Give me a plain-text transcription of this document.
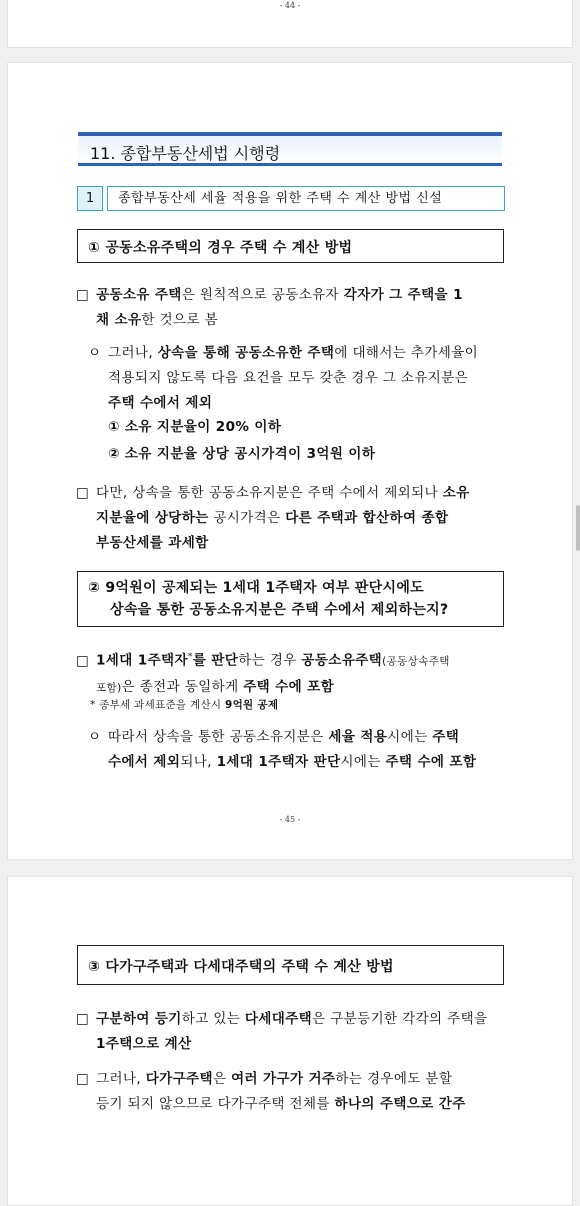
- 44 -
11. 종합부동산세법 시행령
1	종합부동산세 세율 적용을 위한 주택 수 계산 방법 신설
① 공동소유주택의 경우 주택 수 계산 방법
□ 공동소유 주택은 원칙적으로 공동소유자 각자가 그 주택을 1
채 소유한 것으로 봄
ㅇ 그러나, 상속을 통해 공동소유한 주택에 대해서는 추가세율이
적용되지 않도록 다음 요건을 모두 갖춘 경우 그 소유지분은
주택 수에서 제외
① 소유 지분율이 20% 이하
② 소유 지분율 상당 공시가격이 3억원 이하
□ 다만, 상속을 통한 공동소유지분은 주택 수에서 제외되나 소유
지분율에 상당하는 공시가격은 다른 주택과 합산하여 종합
부동산세를 과세함
② 9억원이 공제되는 1세대 1주택자 여부 판단시에도
상속을 통한 공동소유지분은 주택 수에서 제외하는지?
□ 1세대 1주택자*를 판단하는 경우 공동소유주택(공동상속주택
포함)은 종전과 동일하게 주택 수에 포함
* 종부세 과세표준을 계산시 9억원 공제
ㅇ 따라서 상속을 통한 공동소유지분은 세율 적용시에는 주택
수에서 제외되나, 1세대 1주택자 판단시에는 주택 수에 포함
- 45 -
③ 다가구주택과 다세대주택의 주택 수 계산 방법
□ 구분하여 등기하고 있는 다세대주택은 구분등기한 각각의 주택을
1주택으로 계산
□ 그러나, 다가구주택은 여러 가구가 거주하는 경우에도 분할
등기 되지 않으므로 다가구주택 전체를 하나의 주택으로 간주
